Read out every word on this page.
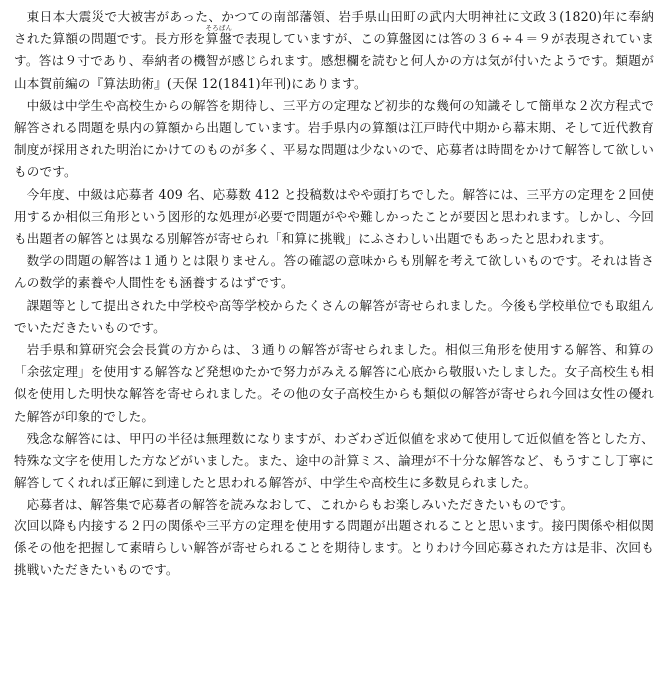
東日本大震災で大被害があった、かつての南部藩領、岩手県山田町の武内大明神社に文政３(1820)年に奉納された算額の問題です。長方形を算盤そろばんで表現していますが、この算盤図には答の３６÷４＝９が表現されています。答は９寸であり、奉納者の機智が感じられます。感想欄を読むと何人かの方は気が付いたようです。類題が山本賀前編の『算法助術』(天保 12(1841)年刊)にあります。

中級は中学生や高校生からの解答を期待し、三平方の定理など初歩的な幾何の知識そして簡単な２次方程式で解答される問題を県内の算額から出題しています。岩手県内の算額は江戸時代中期から幕末期、そして近代教育制度が採用された明治にかけてのものが多く、平易な問題は少ないので、応募者は時間をかけて解答して欲しいものです。

今年度、中級は応募者 409 名、応募数 412 と投稿数はやや頭打ちでした。解答には、三平方の定理を２回使用するか相似三角形という図形的な処理が必要で問題がやや難しかったことが要因と思われます。しかし、今回も出題者の解答とは異なる別解答が寄せられ「和算に挑戦」にふさわしい出題でもあったと思われます。

数学の問題の解答は１通りとは限りません。答の確認の意味からも別解を考えて欲しいものです。それは皆さんの数学的素養や人間性をも涵養するはずです。

課題等として提出された中学校や高等学校からたくさんの解答が寄せられました。今後も学校単位でも取組んでいただきたいものです。

岩手県和算研究会会長賞の方からは、３通りの解答が寄せられました。相似三角形を使用する解答、和算の「余弦定理」を使用する解答など発想ゆたかで努力がみえる解答に心底から敬服いたしました。女子高校生も相似を使用した明快な解答を寄せられました。その他の女子高校生からも類似の解答が寄せられ今回は女性の優れた解答が印象的でした。

残念な解答には、甲円の半径は無理数になりますが、わざわざ近似値を求めて使用して近似値を答とした方、特殊な文字を使用した方などがいました。また、途中の計算ミス、論理が不十分な解答など、もうすこし丁寧に解答してくれれば正解に到達したと思われる解答が、中学生や高校生に多数見られました。

応募者は、解答集で応募者の解答を読みなおして、これからもお楽しみいただきたいものです。

次回以降も内接する２円の関係や三平方の定理を使用する問題が出題されることと思います。接円関係や相似関係その他を把握して素晴らしい解答が寄せられることを期待します。とりわけ今回応募された方は是非、次回も挑戦いただきたいものです。
